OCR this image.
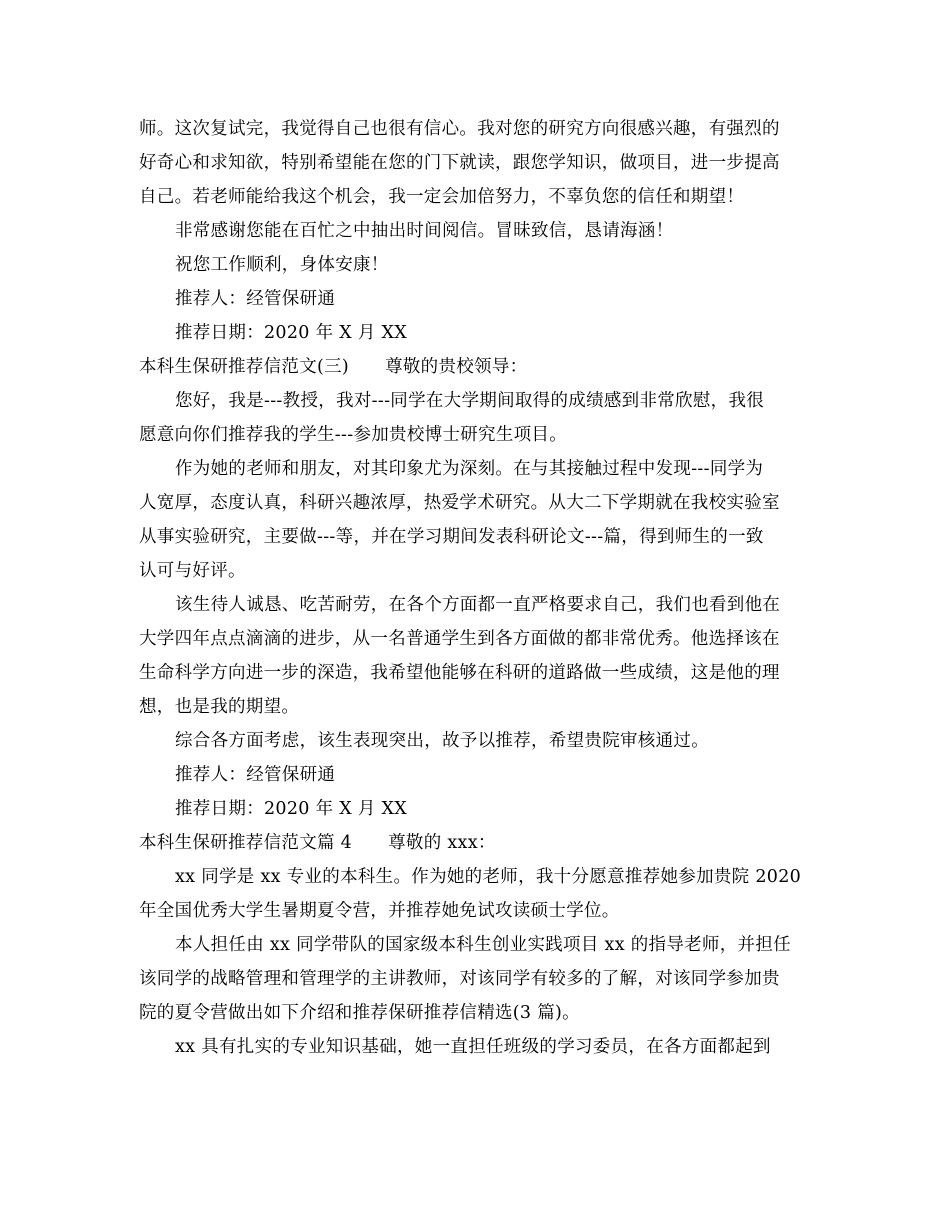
师。这次复试完，我觉得自己也很有信心。我对您的研究方向很感兴趣，有强烈的
好奇心和求知欲，特别希望能在您的门下就读，跟您学知识，做项目，进一步提高
自己。若老师能给我这个机会，我一定会加倍努力，不辜负您的信任和期望！
非常感谢您能在百忙之中抽出时间阅信。冒昧致信，恳请海涵！
祝您工作顺利，身体安康！
推荐人：经管保研通
推荐日期：2020 年 X 月 XX
本科生保研推荐信范文(三) 尊敬的贵校领导：
您好，我是---教授，我对---同学在大学期间取得的成绩感到非常欣慰，我很
愿意向你们推荐我的学生---参加贵校博士研究生项目。
作为她的老师和朋友，对其印象尤为深刻。在与其接触过程中发现---同学为
人宽厚，态度认真，科研兴趣浓厚，热爱学术研究。从大二下学期就在我校实验室
从事实验研究，主要做---等，并在学习期间发表科研论文---篇，得到师生的一致
认可与好评。
该生待人诚恳、吃苦耐劳，在各个方面都一直严格要求自己，我们也看到他在
大学四年点点滴滴的进步，从一名普通学生到各方面做的都非常优秀。他选择该在
生命科学方向进一步的深造，我希望他能够在科研的道路做一些成绩，这是他的理
想，也是我的期望。
综合各方面考虑，该生表现突出，故予以推荐，希望贵院审核通过。
推荐人：经管保研通
推荐日期：2020 年 X 月 XX
本科生保研推荐信范文篇 4 尊敬的 xxx：
xx 同学是 xx 专业的本科生。作为她的老师，我十分愿意推荐她参加贵院 2020
年全国优秀大学生暑期夏令营，并推荐她免试攻读硕士学位。
本人担任由 xx 同学带队的国家级本科生创业实践项目 xx 的指导老师，并担任
该同学的战略管理和管理学的主讲教师，对该同学有较多的了解，对该同学参加贵
院的夏令营做出如下介绍和推荐保研推荐信精选(3 篇)。
xx 具有扎实的专业知识基础，她一直担任班级的学习委员，在各方面都起到
